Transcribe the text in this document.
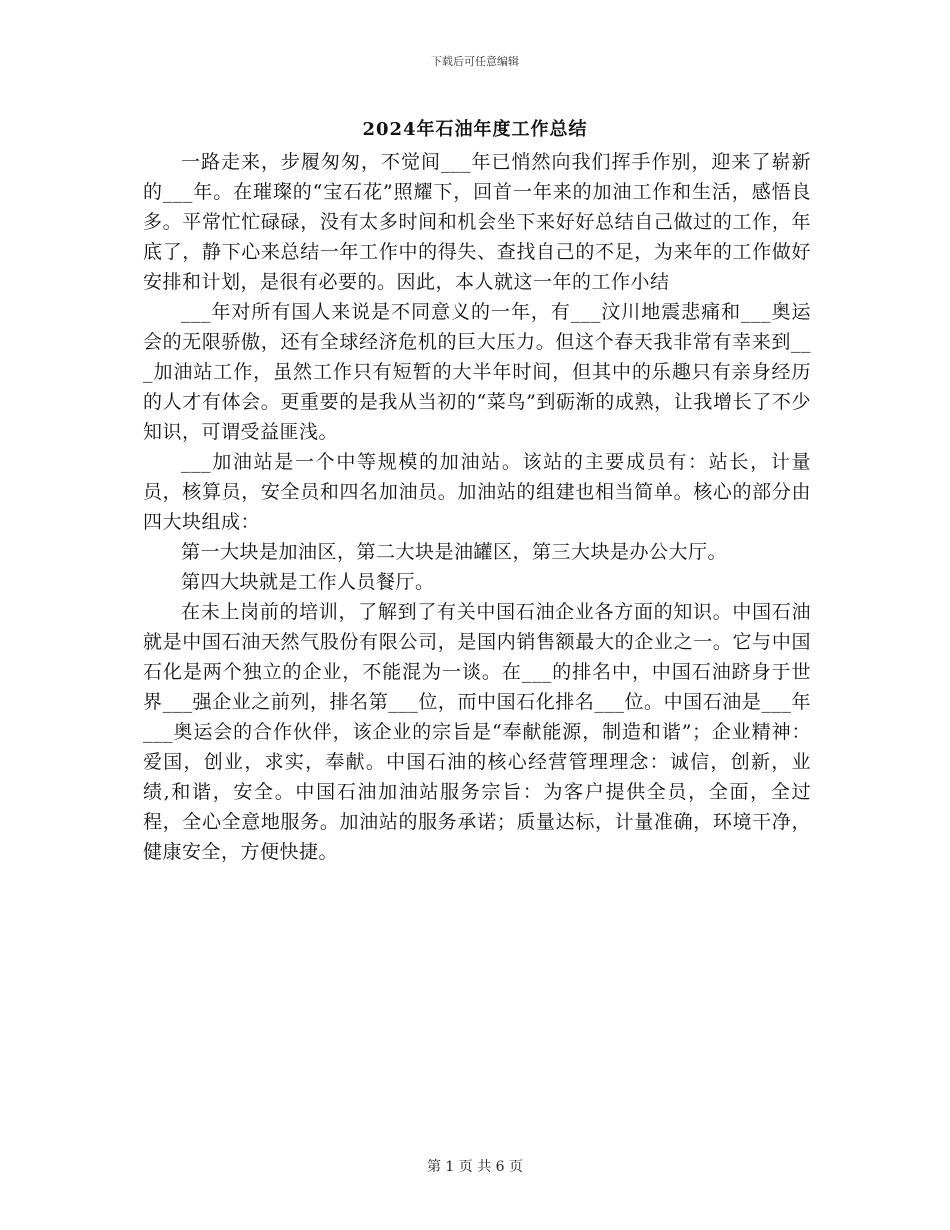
下载后可任意编辑
2024年石油年度工作总结

一路走来，步履匆匆，不觉间___年已悄然向我们挥手作别，迎来了崭新的___年。在璀璨的“宝石花”照耀下，回首一年来的加油工作和生活，感悟良多。平常忙忙碌碌，没有太多时间和机会坐下来好好总结自己做过的工作，年底了，静下心来总结一年工作中的得失、查找自己的不足，为来年的工作做好安排和计划，是很有必要的。因此，本人就这一年的工作小结

___年对所有国人来说是不同意义的一年，有___汶川地震悲痛和___奥运会的无限骄傲，还有全球经济危机的巨大压力。但这个春天我非常有幸来到___加油站工作，虽然工作只有短暂的大半年时间，但其中的乐趣只有亲身经历的人才有体会。更重要的是我从当初的“菜鸟”到砺渐的成熟，让我增长了不少知识，可谓受益匪浅。

___加油站是一个中等规模的加油站。该站的主要成员有：站长，计量员，核算员，安全员和四名加油员。加油站的组建也相当简单。核心的部分由四大块组成：

第一大块是加油区，第二大块是油罐区，第三大块是办公大厅。

第四大块就是工作人员餐厅。

在未上岗前的培训，了解到了有关中国石油企业各方面的知识。中国石油就是中国石油天然气股份有限公司，是国内销售额最大的企业之一。它与中国石化是两个独立的企业，不能混为一谈。在___的排名中，中国石油跻身于世界___强企业之前列，排名第___位，而中国石化排名___位。中国石油是___年___奥运会的合作伙伴，该企业的宗旨是“奉献能源，制造和谐”；企业精神：爱国，创业，求实，奉献。中国石油的核心经营管理理念：诚信，创新，业绩,和谐，安全。中国石油加油站服务宗旨：为客户提供全员，全面，全过程，全心全意地服务。加油站的服务承诺；质量达标，计量准确，环境干净，健康安全，方便快捷。

第 1 页 共 6 页
